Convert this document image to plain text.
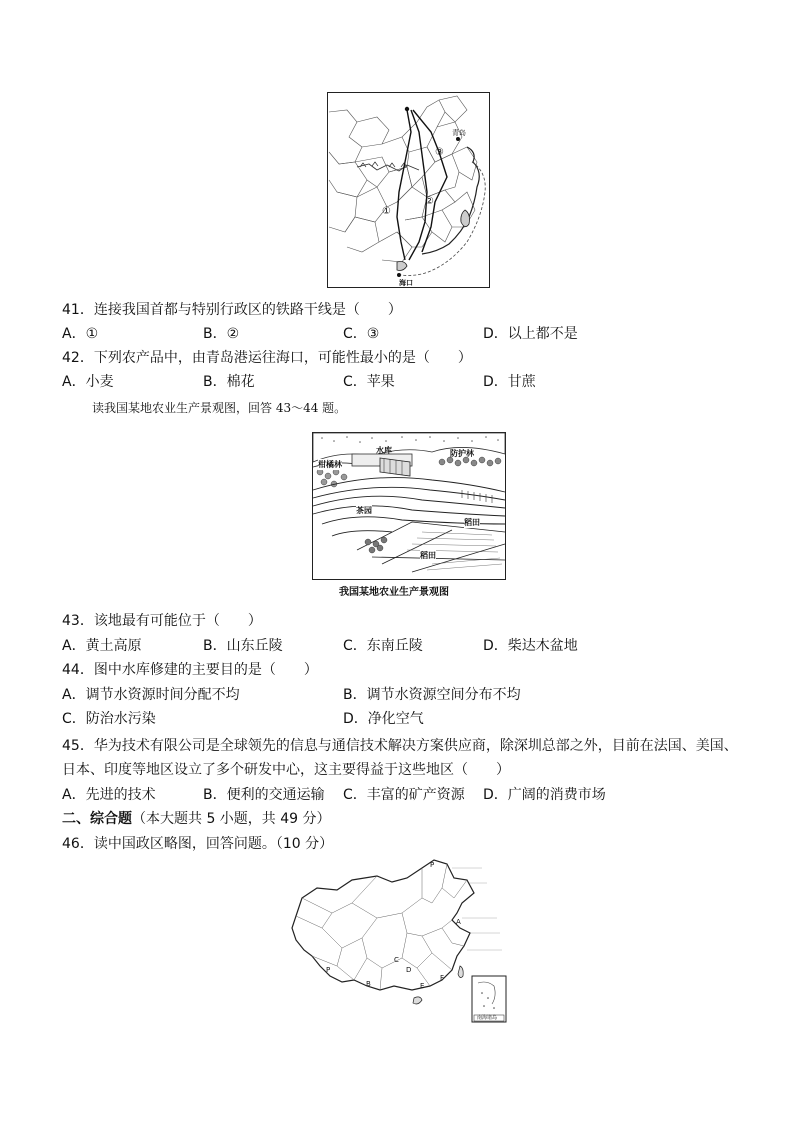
青岛
海口
①
②
③
41．连接我国首都与特别行政区的铁路干线是（　　）
A．①	B．②	C．③	D．以上都不是
42．下列农产品中，由青岛港运往海口，可能性最小的是（　　）
A．小麦	B．棉花	C．苹果	D．甘蔗
读我国某地农业生产景观图，回答 43～44 题。
水库	防护林
柑橘林
茶园
稻田
稻田
我国某地农业生产景观图
43．该地最有可能位于（　　）
A．黄土高原	B．山东丘陵	C．东南丘陵	D．柴达木盆地
44．图中水库修建的主要目的是（　　）
A．调节水资源时间分配不均	B．调节水资源空间分布不均
C．防治水污染	D．净化空气
45．华为技术有限公司是全球领先的信息与通信技术解决方案供应商，除深圳总部之外，目前在法国、美国、
日本、印度等地区设立了多个研发中心，这主要得益于这些地区（　　）
A．先进的技术	B．便利的交通运输 C．丰富的矿产资源 D．广阔的消费市场
二、综合题（本大题共 5 小题，共 49 分）
46．读中国政区略图，回答问题。（10 分）
P
P
A
B
C
D
E
F
南海诸岛
